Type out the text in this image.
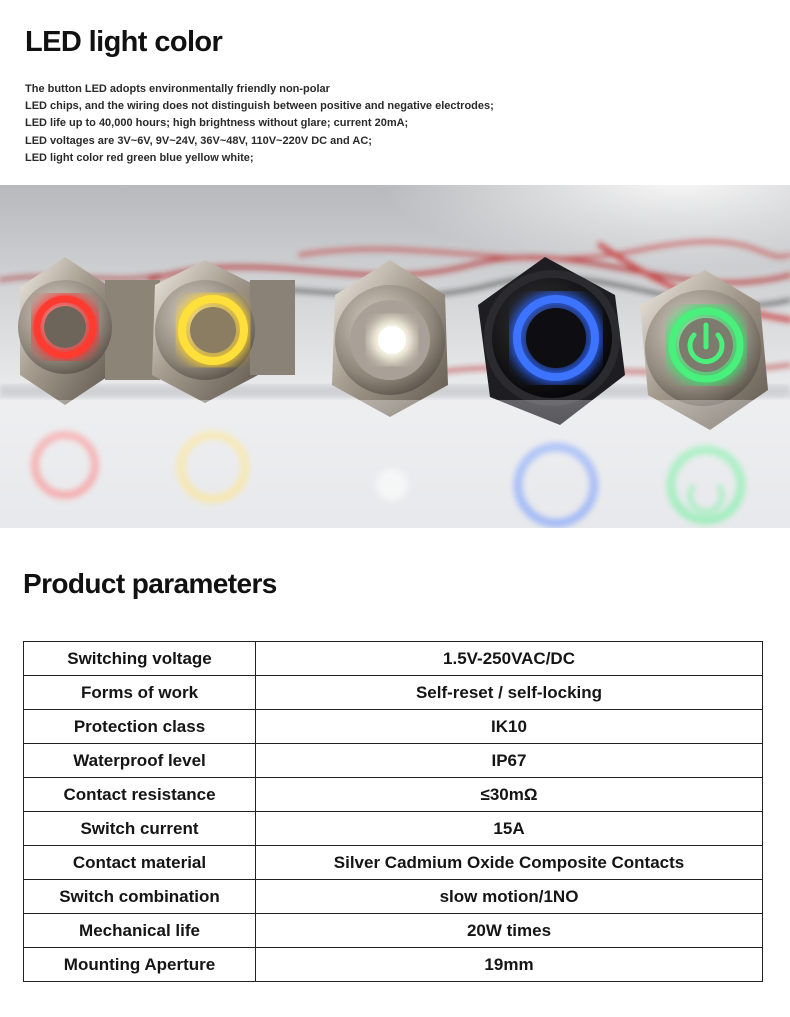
LED light color
The button LED adopts environmentally friendly non-polar
LED chips, and the wiring does not distinguish between positive and negative electrodes;
LED life up to 40,000 hours; high brightness without glare; current 20mA;
LED voltages are 3V~6V, 9V~24V, 36V~48V, 110V~220V DC and AC;
LED light color red green blue yellow white;
Product parameters
Switching voltage	1.5V-250VAC/DC
Forms of work	Self-reset / self-locking
Protection class	IK10
Waterproof level	IP67
Contact resistance	≤30mΩ
Switch current	15A
Contact material	Silver Cadmium Oxide Composite Contacts
Switch combination	slow motion/1NO
Mechanical life	20W times
Mounting Aperture	19mm
